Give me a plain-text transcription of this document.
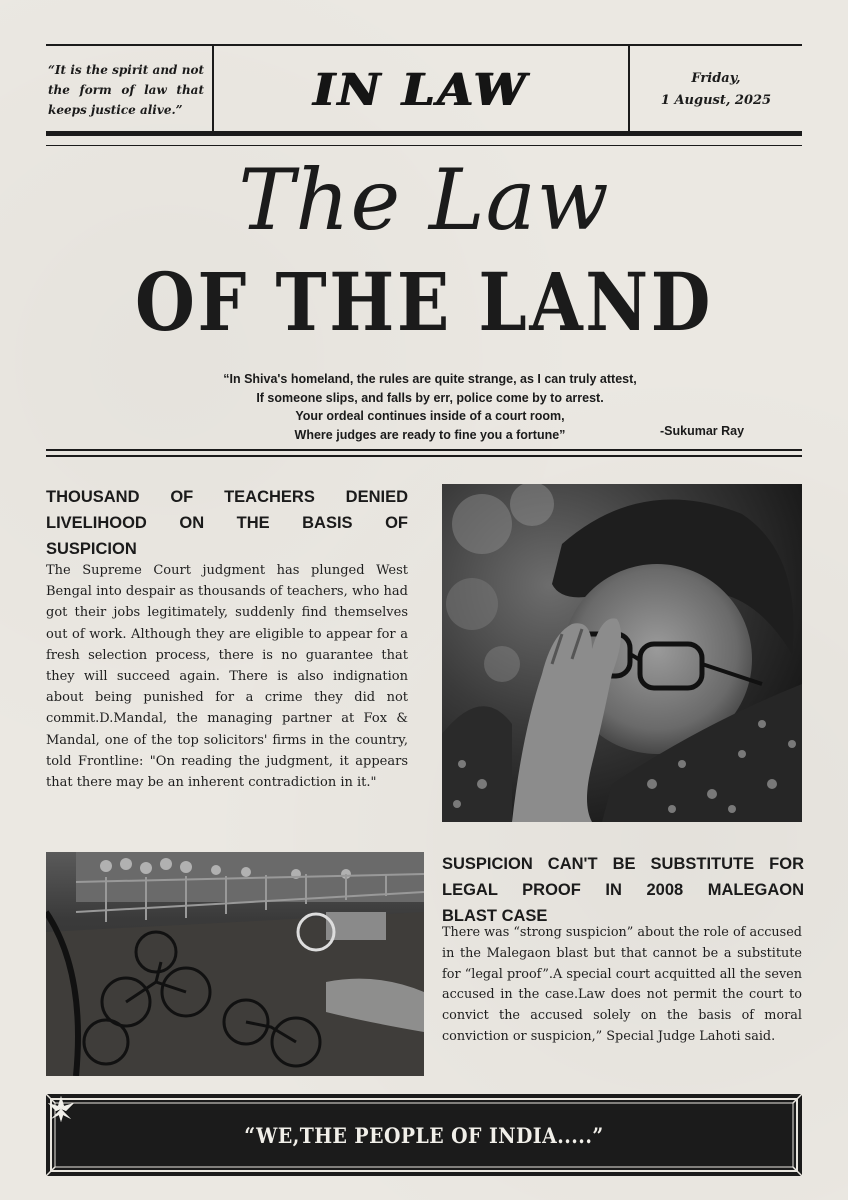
“It is the spirit and not
the form of law that
keeps justice alive.”	IN LAW	Friday,
1 August, 2025
The Law
OF THE LAND
“In Shiva's homeland, the rules are quite strange, as I can truly attest,
If someone slips, and falls by err, police come by to arrest.
Your ordeal continues inside of a court room,
Where judges are ready to fine you a fortune”	-Sukumar Ray
THOUSAND OF TEACHERS DENIED
LIVELIHOOD ON THE BASIS OF
SUSPICION
The Supreme Court judgment has plunged West Bengal into despair as thousands of teachers, who had got their jobs legitimately, suddenly find themselves out of work. Although they are eligible to appear for a fresh selection process, there is no guarantee that they will succeed again. There is also indignation about being punished for a crime they did not commit.D.Mandal, the managing partner at Fox & Mandal, one of the top solicitors' firms in the country, told Frontline: "On reading the judgment, it appears that there may be an inherent contradiction in it."
SUSPICION CAN'T BE SUBSTITUTE FOR
LEGAL PROOF IN 2008 MALEGAON
BLAST CASE
There was “strong suspicion” about the role of accused in the Malegaon blast but that cannot be a substitute for “legal proof”.A special court acquitted all the seven accused in the case.Law does not permit the court to convict the accused solely on the basis of moral conviction or suspicion,” Special Judge Lahoti said.
“WE,THE PEOPLE OF INDIA.....”
